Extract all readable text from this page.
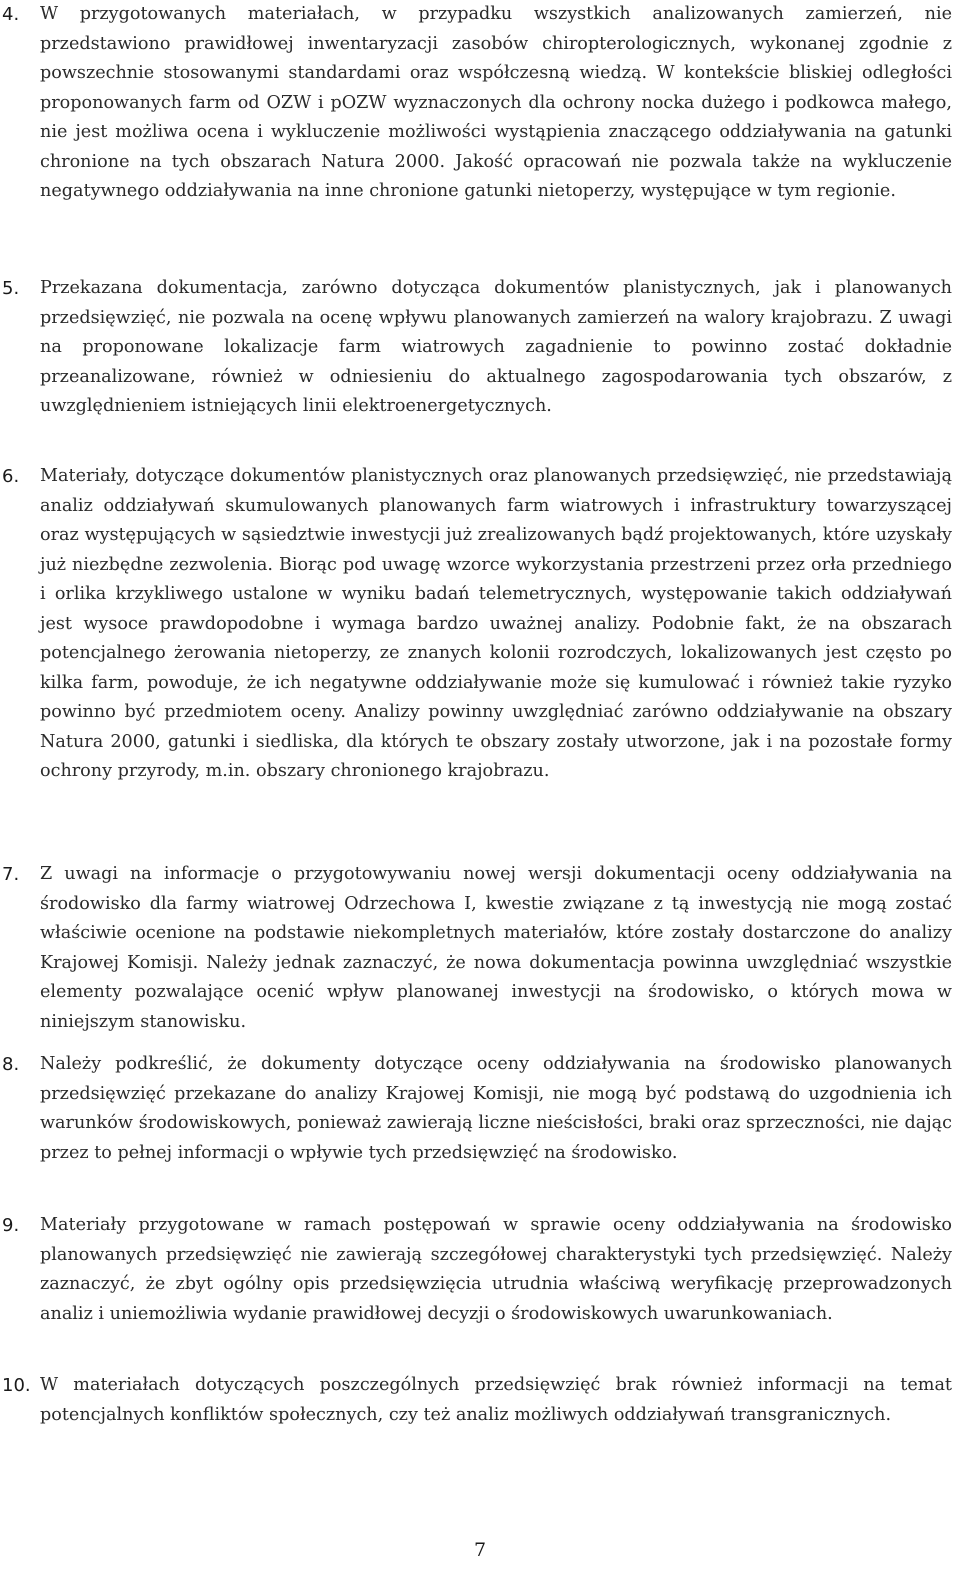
4. W przygotowanych materiałach, w przypadku wszystkich analizowanych zamierzeń, nie przedstawiono prawidłowej inwentaryzacji zasobów chiropterologicznych, wykonanej zgodnie z powszechnie stosowanymi standardami oraz współczesną wiedzą. W kontekście bliskiej odległości proponowanych farm od OZW i pOZW wyznaczonych dla ochrony nocka dużego i podkowca małego, nie jest możliwa ocena i wykluczenie możliwości wystąpienia znaczącego oddziaływania na gatunki chronione na tych obszarach Natura 2000. Jakość opracowań nie pozwala także na wykluczenie negatywnego oddziaływania na inne chronione gatunki nietoperzy, występujące w tym regionie.
5. Przekazana dokumentacja, zarówno dotycząca dokumentów planistycznych, jak i planowanych przedsięwzięć, nie pozwala na ocenę wpływu planowanych zamierzeń na walory krajobrazu. Z uwagi na proponowane lokalizacje farm wiatrowych zagadnienie to powinno zostać dokładnie przeanalizowane, również w odniesieniu do aktualnego zagospodarowania tych obszarów, z uwzględnieniem istniejących linii elektroenergetycznych.
6. Materiały, dotyczące dokumentów planistycznych oraz planowanych przedsięwzięć, nie przedstawiają analiz oddziaływań skumulowanych planowanych farm wiatrowych i infrastruktury towarzyszącej oraz występujących w sąsiedztwie inwestycji już zrealizowanych bądź projektowanych, które uzyskały już niezbędne zezwolenia. Biorąc pod uwagę wzorce wykorzystania przestrzeni przez orła przedniego i orlika krzykliwego ustalone w wyniku badań telemetrycznych, występowanie takich oddziaływań jest wysoce prawdopodobne i wymaga bardzo uważnej analizy. Podobnie fakt, że na obszarach potencjalnego żerowania nietoperzy, ze znanych kolonii rozrodczych, lokalizowanych jest często po kilka farm, powoduje, że ich negatywne oddziaływanie może się kumulować i również takie ryzyko powinno być przedmiotem oceny. Analizy powinny uwzględniać zarówno oddziaływanie na obszary Natura 2000, gatunki i siedliska, dla których te obszary zostały utworzone, jak i na pozostałe formy ochrony przyrody, m.in. obszary chronionego krajobrazu.
7. Z uwagi na informacje o przygotowywaniu nowej wersji dokumentacji oceny oddziaływania na środowisko dla farmy wiatrowej Odrzechowa I, kwestie związane z tą inwestycją nie mogą zostać właściwie ocenione na podstawie niekompletnych materiałów, które zostały dostarczone do analizy Krajowej Komisji. Należy jednak zaznaczyć, że nowa dokumentacja powinna uwzględniać wszystkie elementy pozwalające ocenić wpływ planowanej inwestycji na środowisko, o których mowa w niniejszym stanowisku.
8. Należy podkreślić, że dokumenty dotyczące oceny oddziaływania na środowisko planowanych przedsięwzięć przekazane do analizy Krajowej Komisji, nie mogą być podstawą do uzgodnienia ich warunków środowiskowych, ponieważ zawierają liczne nieścisłości, braki oraz sprzeczności, nie dając przez to pełnej informacji o wpływie tych przedsięwzięć na środowisko.
9. Materiały przygotowane w ramach postępowań w sprawie oceny oddziaływania na środowisko planowanych przedsięwzięć nie zawierają szczegółowej charakterystyki tych przedsięwzięć. Należy zaznaczyć, że zbyt ogólny opis przedsięwzięcia utrudnia właściwą weryfikację przeprowadzonych analiz i uniemożliwia wydanie prawidłowej decyzji o środowiskowych uwarunkowaniach.
10. W materiałach dotyczących poszczególnych przedsięwzięć brak również informacji na temat potencjalnych konfliktów społecznych, czy też analiz możliwych oddziaływań transgranicznych.
7
